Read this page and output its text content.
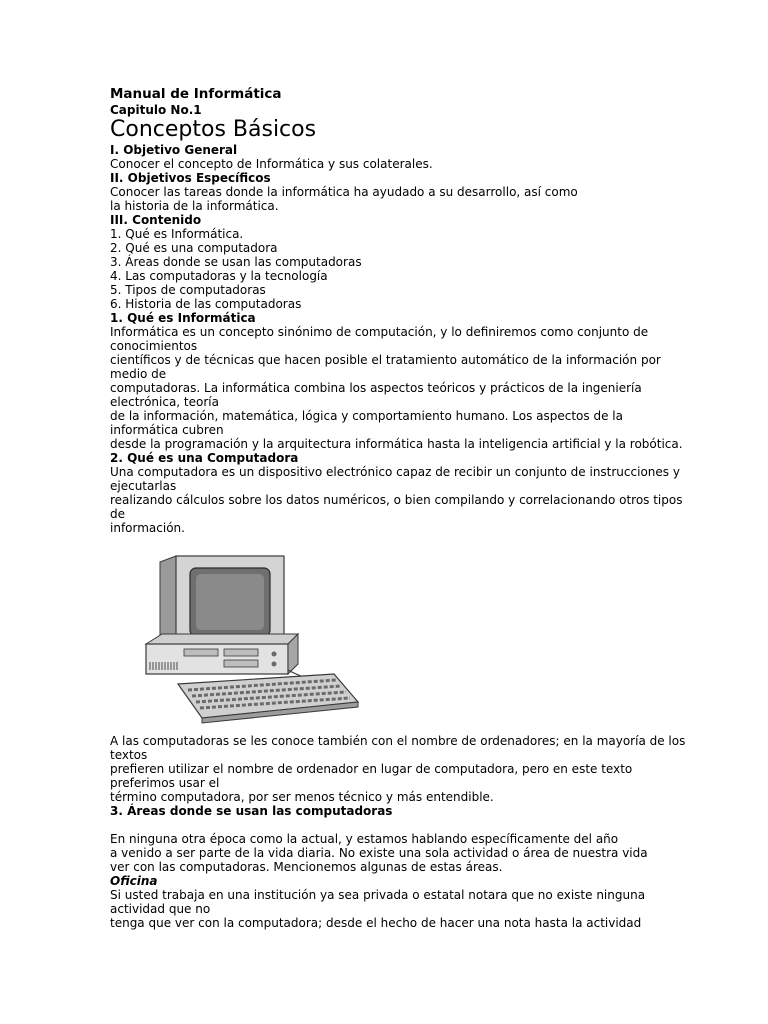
Manual de Informática
Capitulo No.1
Conceptos Básicos
I. Objetivo General
Conocer el concepto de Informática y sus colaterales.
II. Objetivos Específicos
Conocer las tareas donde la informática ha ayudado a su desarrollo, así como
la historia de la informática.
III. Contenido
1. Qué es Informática.
2. Qué es una computadora
3. Áreas donde se usan las computadoras
4. Las computadoras y la tecnología
5. Tipos de computadoras
6. Historia de las computadoras
1. Qué es Informática
Informática es un concepto sinónimo de computación, y lo definiremos como conjunto de
conocimientos
científicos y de técnicas que hacen posible el tratamiento automático de la información por
medio de
computadoras. La informática combina los aspectos teóricos y prácticos de la ingeniería
electrónica, teoría
de la información, matemática, lógica y comportamiento humano. Los aspectos de la
informática cubren
desde la programación y la arquitectura informática hasta la inteligencia artificial y la robótica.
2. Qué es una Computadora
Una computadora es un dispositivo electrónico capaz de recibir un conjunto de instrucciones y
ejecutarlas
realizando cálculos sobre los datos numéricos, o bien compilando y correlacionando otros tipos
de
información.
A las computadoras se les conoce también con el nombre de ordenadores; en la mayoría de los
textos
prefieren utilizar el nombre de ordenador en lugar de computadora, pero en este texto
preferimos usar el
término computadora, por ser menos técnico y más entendible.
3. Áreas donde se usan las computadoras
En ninguna otra época como la actual, y estamos hablando específicamente del año
a venido a ser parte de la vida diaria. No existe una sola actividad o área de nuestra vida
ver con las computadoras. Mencionemos algunas de estas áreas.
Oficina
Si usted trabaja en una institución ya sea privada o estatal notara que no existe ninguna
actividad que no
tenga que ver con la computadora; desde el hecho de hacer una nota hasta la actividad
